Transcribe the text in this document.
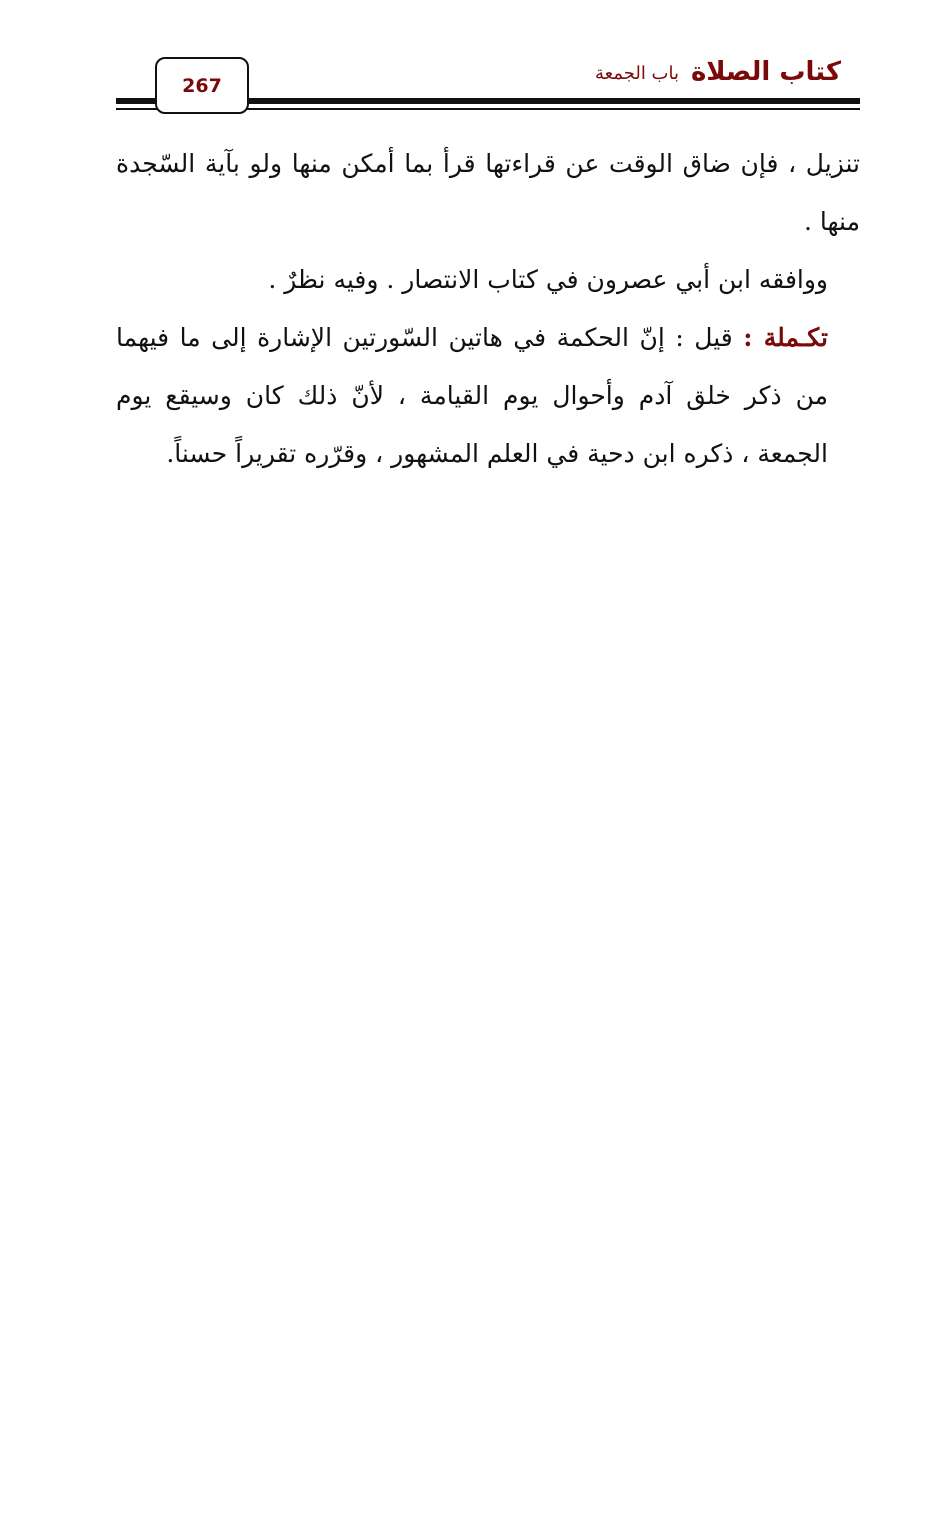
كتاب الصلاة
باب الجمعة
267

تنزيل ، فإن ضاق الوقت عن قراءتها قرأ بما أمكن منها ولو بآية السّجدة منها .

ووافقه ابن أبي عصرون في كتاب الانتصار . وفيه نظرٌ .

تكـملة : قيل : إنّ الحكمة في هاتين السّورتين الإشارة إلى ما فيهما من ذكر خلق آدم وأحوال يوم القيامة ، لأنّ ذلك كان وسيقع يوم الجمعة ، ذكره ابن دحية في العلم المشهور ، وقرّره تقريراً حسناً.
